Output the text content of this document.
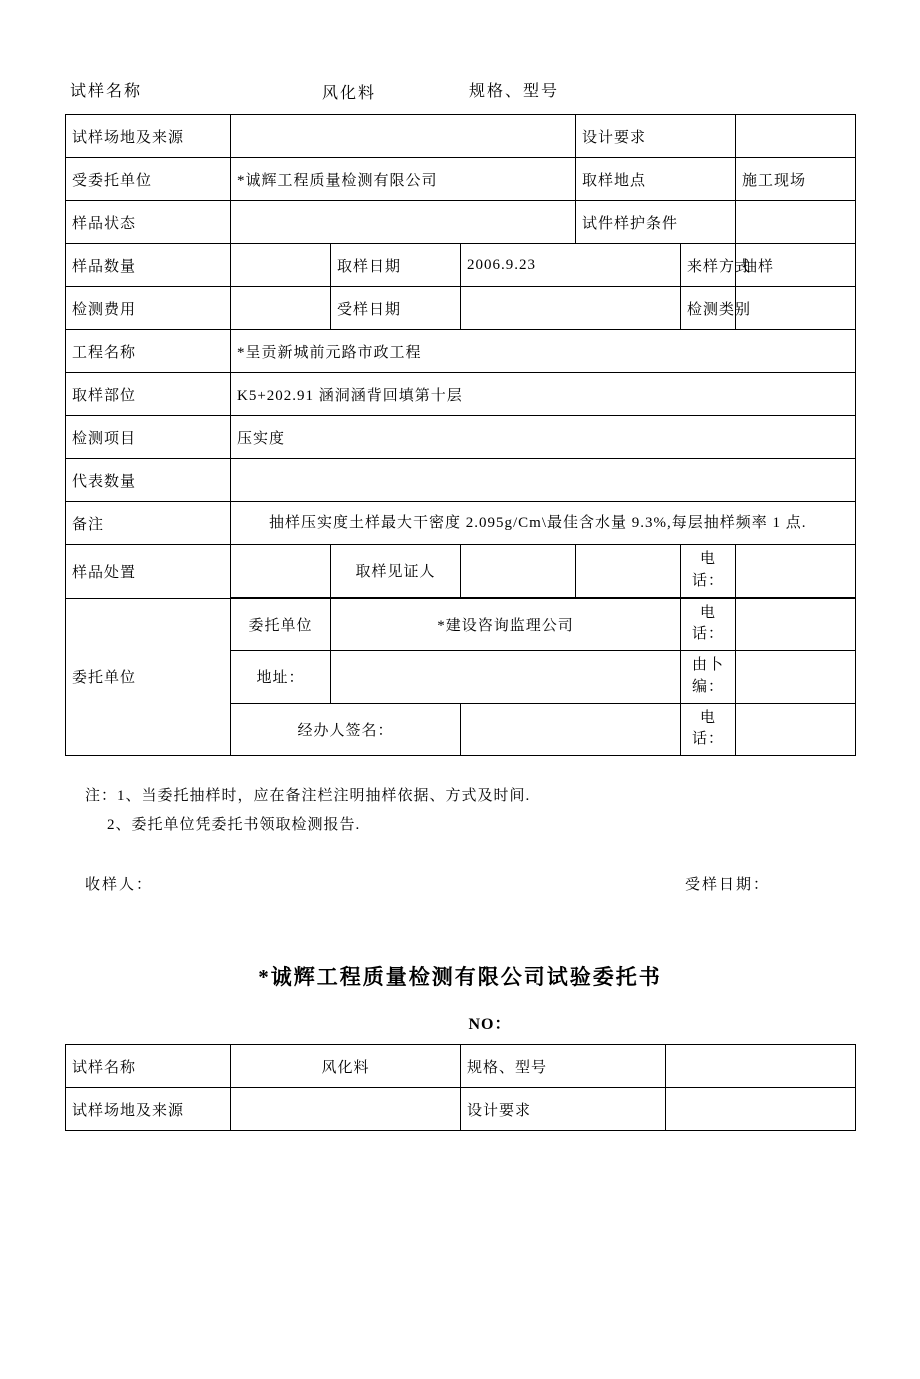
试样名称	风化料	规格、型号
试样场地及来源				设计要求		
受委托单位	*诚辉工程质量检测有限公司			取样地点		施工现场
样品状态				试件样护条件		
样品数量		取样日期	2006.9.23		来样方式	抽样
检测费用		受样日期			检测类别	
工程名称	*呈贡新城前元路市政工程					
取样部位	K5+202.91 涵洞涵背回填第十层					
检测项目	压实度					
代表数量						
备注	抽样压实度土样最大干密度 2.095g/Cm\最佳含水量 9.3%,每层抽样频率 1 点.					
样品处置		取样见证人			电话：	

委托单位	委托单位	*建设咨询监理公司			电话：	
	地址：				由卜编：	
	经办人签名：				电话：	
注：1、当委托抽样时，应在备注栏注明抽样依据、方式及时间.
2、委托单位凭委托书领取检测报告.
收样人：	受样日期：
*诚辉工程质量检测有限公司试验委托书
NO：
试样名称	风化料	规格、型号	
试样场地及来源		设计要求	
